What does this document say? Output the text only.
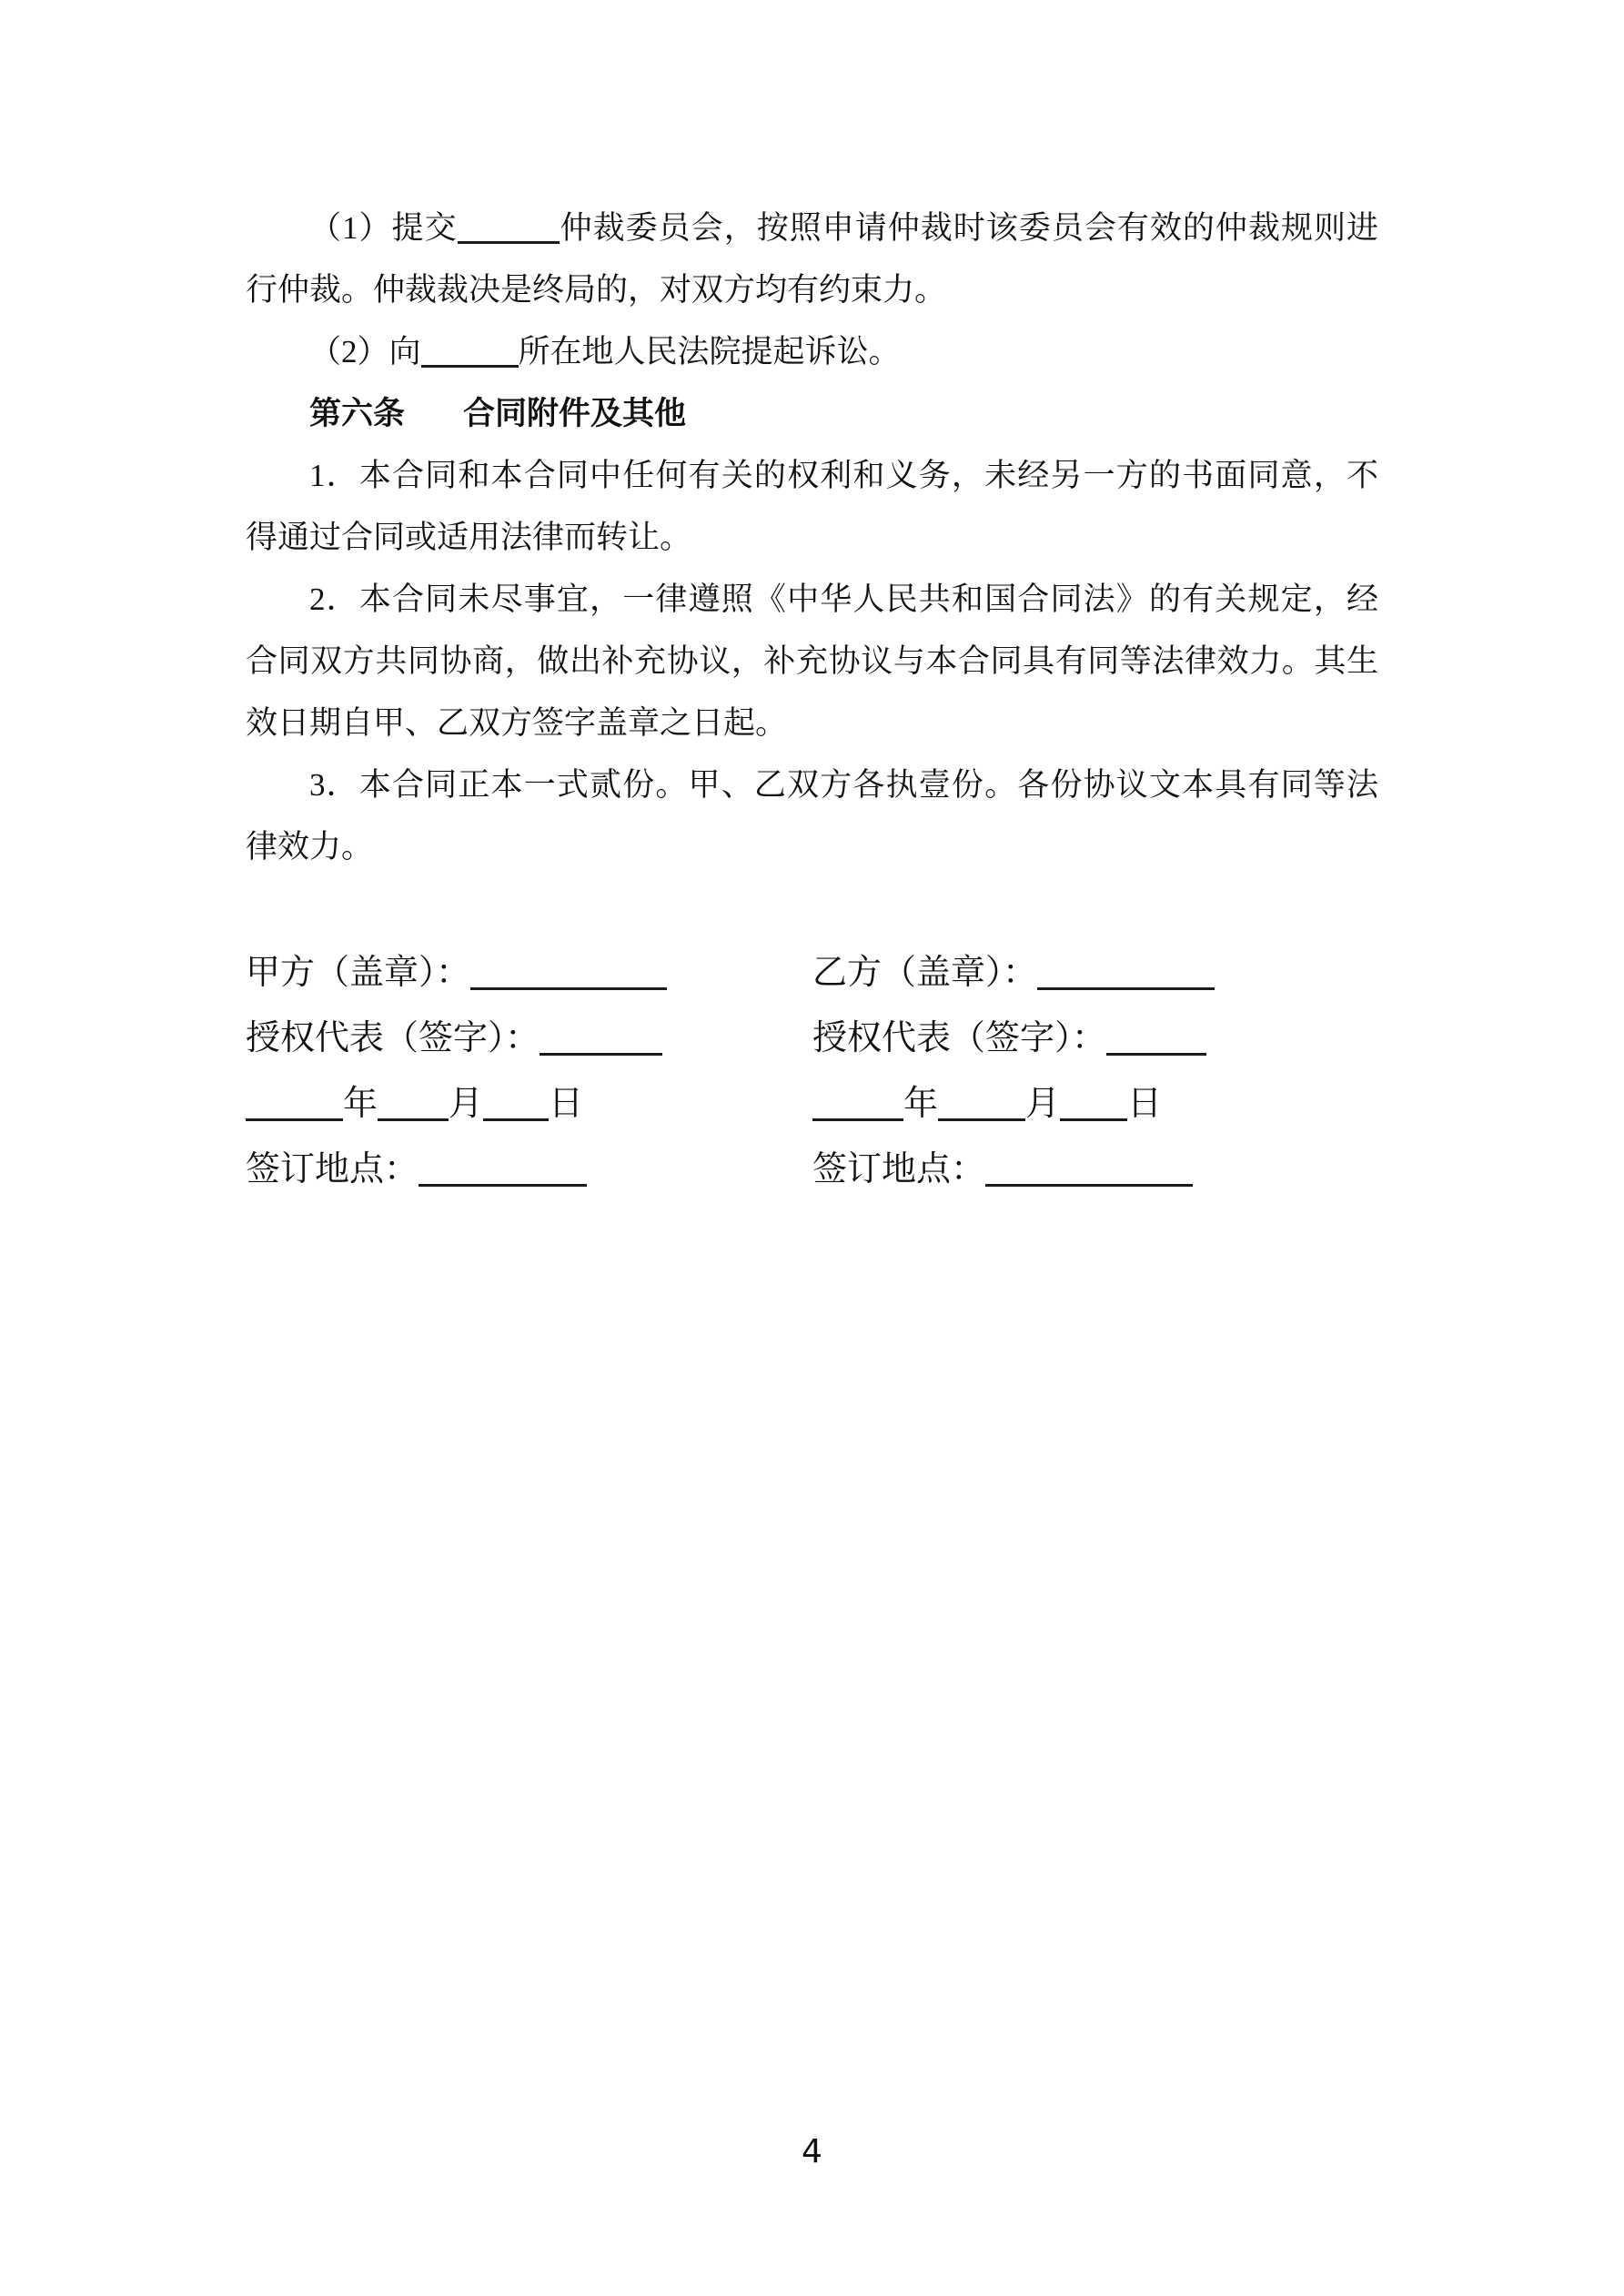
（1）提交	仲裁委员会，按照申请仲裁时该委员会有效的仲裁规则进
行仲裁。仲裁裁决是终局的，对双方均有约束力。
（2）向	所在地人民法院提起诉讼。
第六条 合同附件及其他
1．本合同和本合同中任何有关的权利和义务，未经另一方的书面同意，不
得通过合同或适用法律而转让。
2．本合同未尽事宜，一律遵照《中华人民共和国合同法》的有关规定，经
合同双方共同协商，做出补充协议，补充协议与本合同具有同等法律效力。其生
效日期自甲、乙双方签字盖章之日起。
3．本合同正本一式贰份。甲、乙双方各执壹份。各份协议文本具有同等法
律效力。
甲方（盖章）：	乙方（盖章）：
授权代表（签字）：	授权代表（签字）：
年 月 日	年	月 日
签订地点：	签订地点：
4
